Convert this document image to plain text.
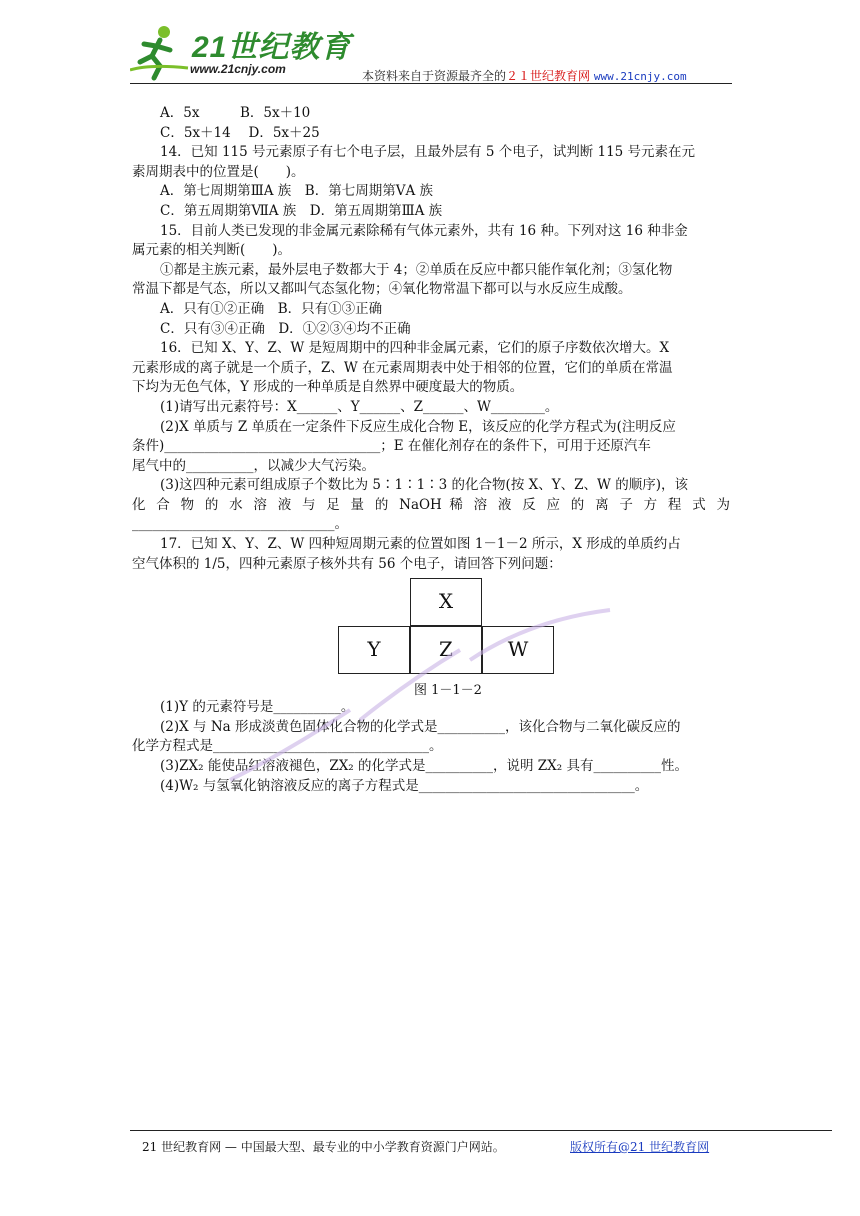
21世纪教育
www.21cnjy.com	本资料来自于资源最齐全的２１世纪教育网 www.21cnjy.com

A．5x　　　B．5x＋10

C．5x＋14　 D．5x＋25

14．已知 115 号元素原子有七个电子层，且最外层有 5 个电子，试判断 115 号元素在元

素周期表中的位置是(　　)。

A．第七周期第ⅢA 族　B．第七周期第ⅤA 族

C．第五周期第ⅦA 族　D．第五周期第ⅢA 族

15．目前人类已发现的非金属元素除稀有气体元素外，共有 16 种。下列对这 16 种非金

属元素的相关判断(　　)。

①都是主族元素，最外层电子数都大于 4；②单质在反应中都只能作氧化剂；③氢化物

常温下都是气态，所以又都叫气态氢化物；④氧化物常温下都可以与水反应生成酸。

A．只有①②正确　B．只有①③正确

C．只有③④正确　D．①②③④均不正确

16．已知 X、Y、Z、W 是短周期中的四种非金属元素，它们的原子序数依次增大。X

元素形成的离子就是一个质子，Z、W 在元素周期表中处于相邻的位置，它们的单质在常温

下均为无色气体，Y 形成的一种单质是自然界中硬度最大的物质。

(1)请写出元素符号：X______、Y______、Z______、W________。

(2)X 单质与 Z 单质在一定条件下反应生成化合物 E，该反应的化学方程式为(注明反应

条件)________________________________；E 在催化剂存在的条件下，可用于还原汽车

尾气中的__________，以减少大气污染。

(3)这四种元素可组成原子个数比为 5∶1∶1∶3 的化合物(按 X、Y、Z、W 的顺序)，该

化 合 物 的 水 溶 液 与 足 量 的 NaOH 稀 溶 液 反 应 的 离 子 方 程 式 为

______________________________。

17．已知 X、Y、Z、W 四种短周期元素的位置如图 1－1－2 所示，X 形成的单质约占

空气体积的 1/5，四种元素原子核外共有 56 个电子，请回答下列问题：

X
Y	Z	W
图 1－1－2

(1)Y 的元素符号是__________。

(2)X 与 Na 形成淡黄色固体化合物的化学式是__________，该化合物与二氧化碳反应的

化学方程式是________________________________。

(3)ZX₂ 能使品红溶液褪色，ZX₂ 的化学式是__________，说明 ZX₂ 具有__________性。

(4)W₂ 与氢氧化钠溶液反应的离子方程式是________________________________。

21 世纪教育网 — 中国最大型、最专业的中小学教育资源门户网站。	版权所有@21 世纪教育网
